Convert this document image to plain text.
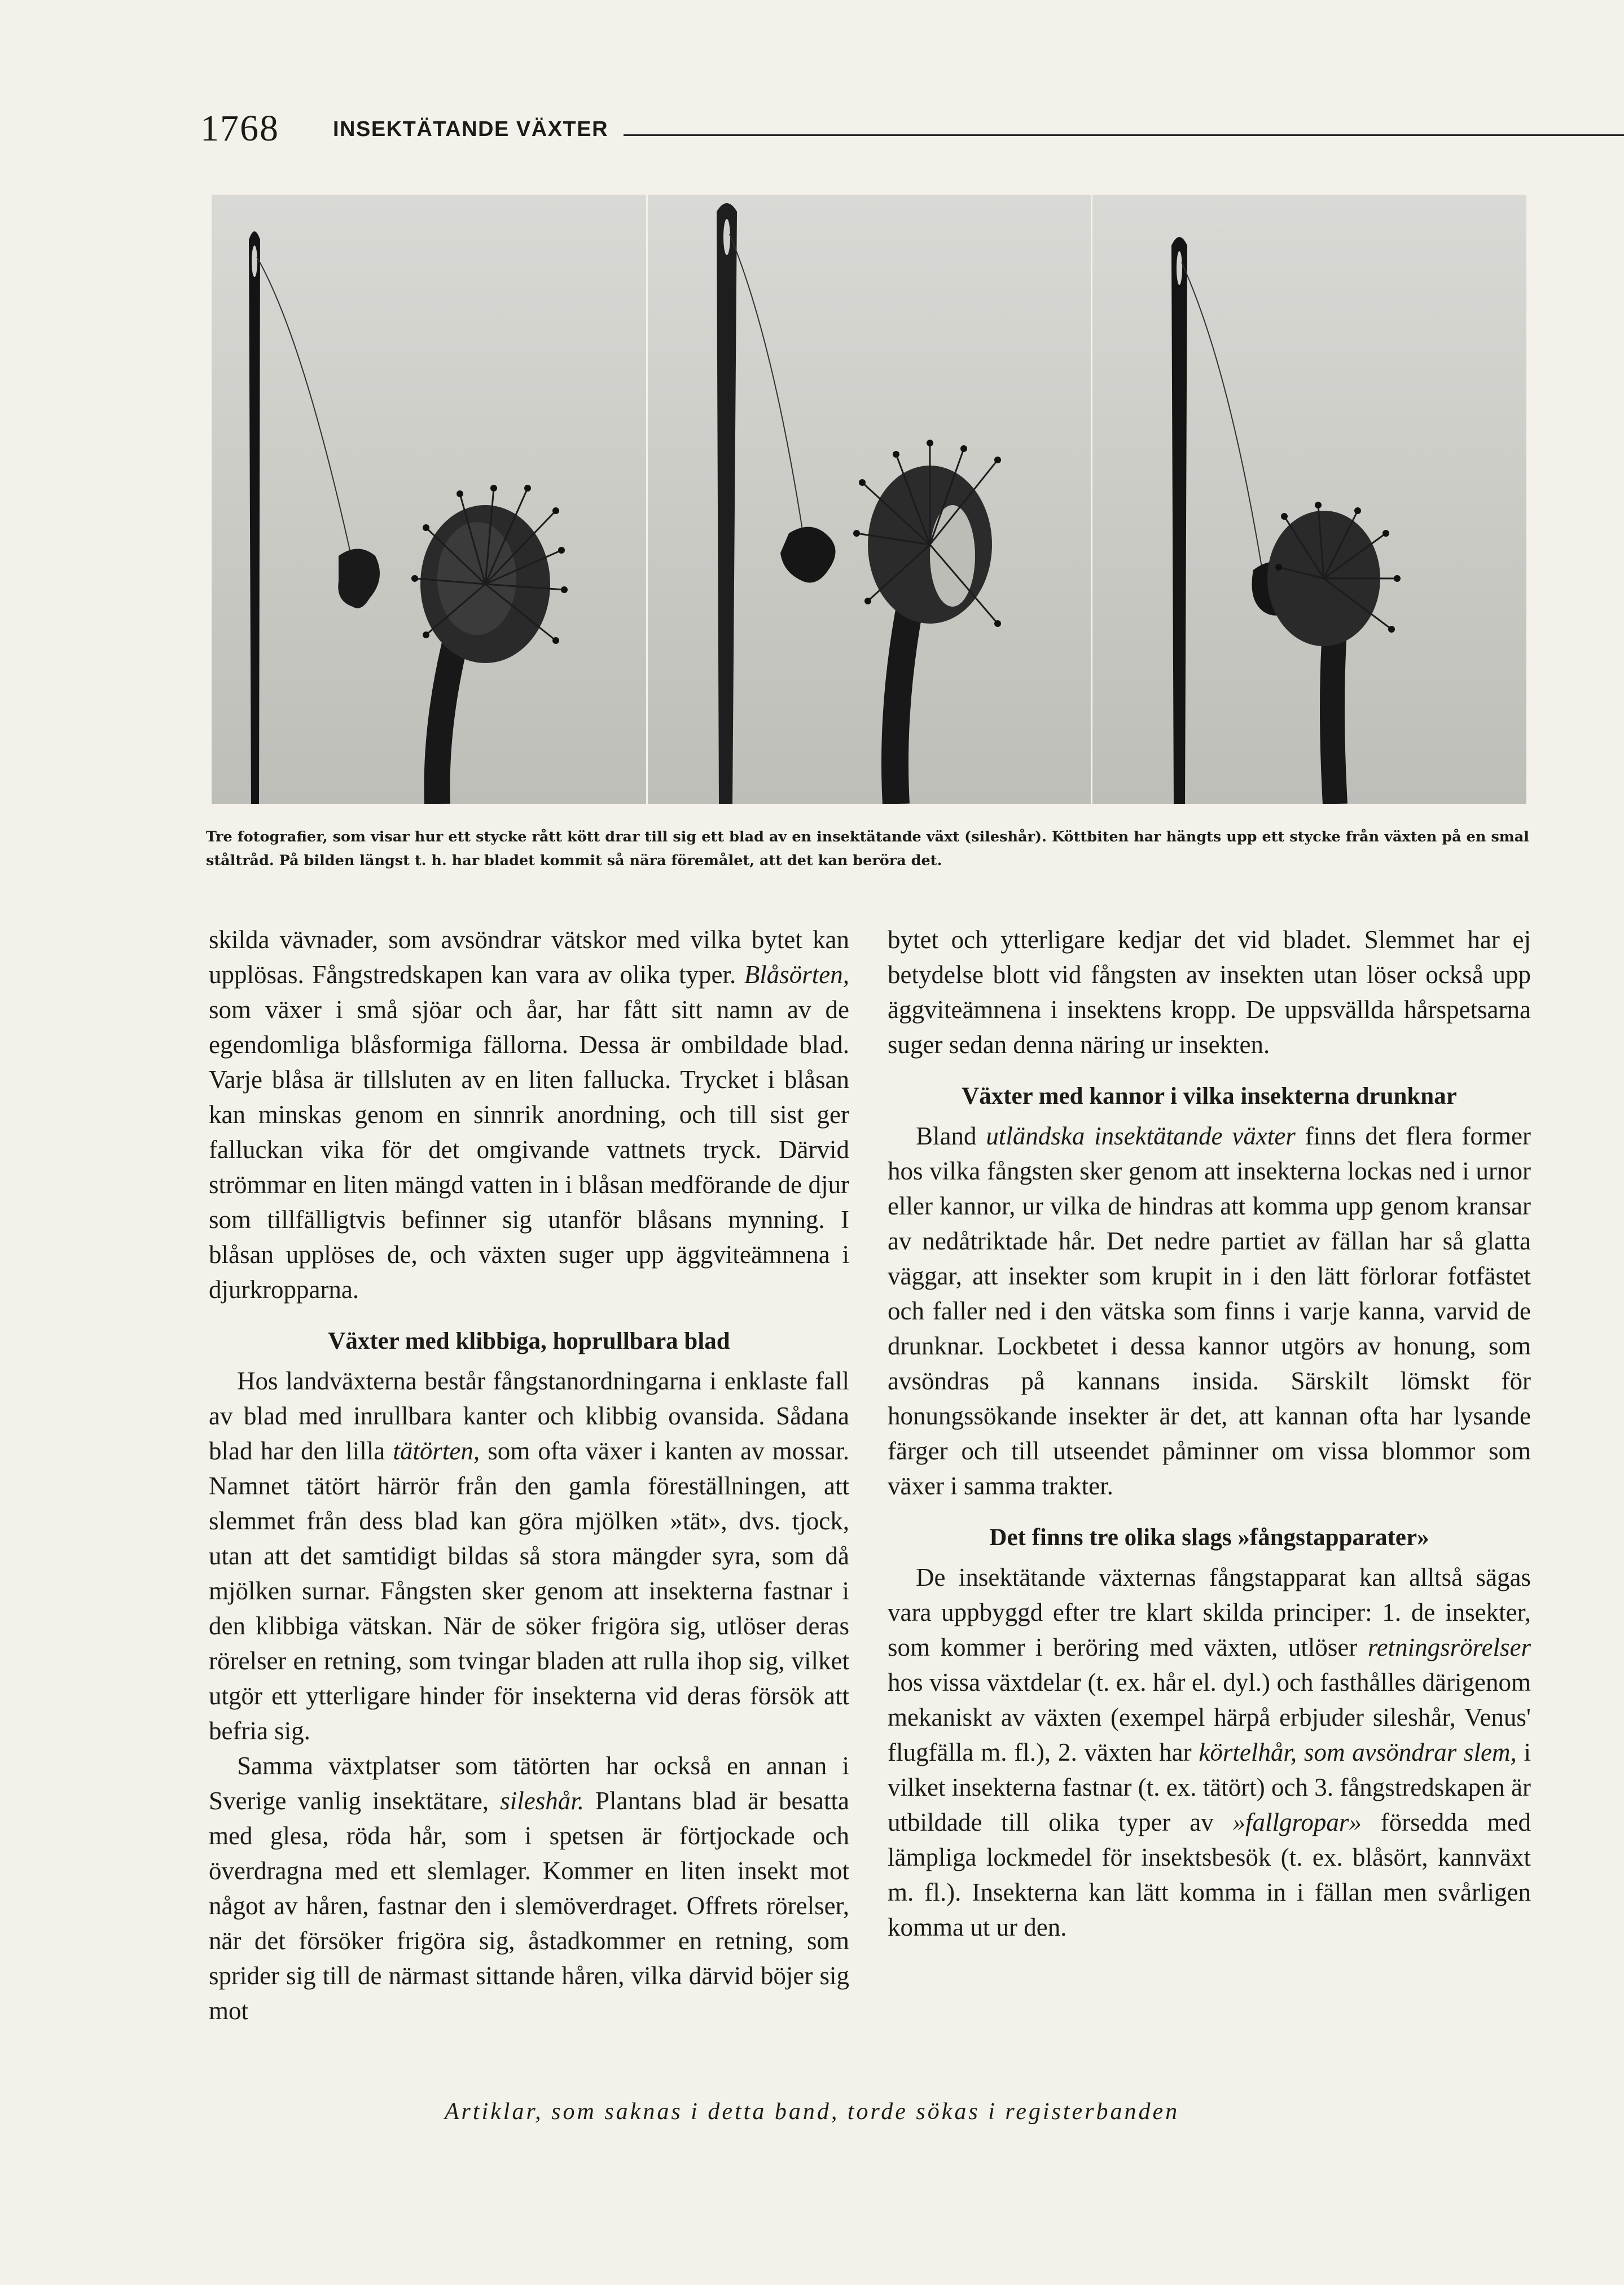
1768	INSEKTÄTANDE VÄXTER
Tre fotografier, som visar hur ett stycke rått kött drar till sig ett blad av en insektätande växt (sileshår). Köttbiten har hängts upp ett stycke från växten på en smal ståltråd. På bilden längst t. h. har bladet kommit så nära föremålet, att det kan beröra det.

skilda vävnader, som avsöndrar vätskor med vilka bytet kan upplösas. Fångstredskapen kan vara av olika typer. Blåsörten, som växer i små sjöar och åar, har fått sitt namn av de egendomliga blåsformiga fällorna. Dessa är ombildade blad. Varje blåsa är tillsluten av en liten fallucka. Trycket i blåsan kan minskas genom en sinnrik anordning, och till sist ger falluckan vika för det omgivande vattnets tryck. Därvid strömmar en liten mängd vatten in i blåsan medförande de djur som tillfälligtvis befinner sig utanför blåsans mynning. I blåsan upplöses de, och växten suger upp äggviteämnena i djurkropparna.

Växter med klibbiga, hoprullbara blad

Hos landväxterna består fångstanordningarna i enklaste fall av blad med inrullbara kanter och klibbig ovansida. Sådana blad har den lilla tätörten, som ofta växer i kanten av mossar. Namnet tätört härrör från den gamla föreställningen, att slemmet från dess blad kan göra mjölken »tät», dvs. tjock, utan att det samtidigt bildas så stora mängder syra, som då mjölken surnar. Fångsten sker genom att insekterna fastnar i den klibbiga vätskan. När de söker frigöra sig, utlöser deras rörelser en retning, som tvingar bladen att rulla ihop sig, vilket utgör ett ytterligare hinder för insekterna vid deras försök att befria sig.

Samma växtplatser som tätörten har också en annan i Sverige vanlig insektätare, sileshår. Plantans blad är besatta med glesa, röda hår, som i spetsen är förtjockade och överdragna med ett slemlager. Kommer en liten insekt mot något av håren, fastnar den i slemöverdraget. Offrets rörelser, när det försöker frigöra sig, åstadkommer en retning, som sprider sig till de närmast sittande håren, vilka därvid böjer sig mot

bytet och ytterligare kedjar det vid bladet. Slemmet har ej betydelse blott vid fångsten av insekten utan löser också upp äggviteämnena i insektens kropp. De uppsvällda hårspetsarna suger sedan denna näring ur insekten.

Växter med kannor i vilka insekterna drunknar

Bland utländska insektätande växter finns det flera former hos vilka fångsten sker genom att insekterna lockas ned i urnor eller kannor, ur vilka de hindras att komma upp genom kransar av nedåtriktade hår. Det nedre partiet av fällan har så glatta väggar, att insekter som krupit in i den lätt förlorar fotfästet och faller ned i den vätska som finns i varje kanna, varvid de drunknar. Lockbetet i dessa kannor utgörs av honung, som avsöndras på kannans insida. Särskilt lömskt för honungssökande insekter är det, att kannan ofta har lysande färger och till utseendet påminner om vissa blommor som växer i samma trakter.

Det finns tre olika slags »fångstapparater»

De insektätande växternas fångstapparat kan alltså sägas vara uppbyggd efter tre klart skilda principer: 1. de insekter, som kommer i beröring med växten, utlöser retningsrörelser hos vissa växtdelar (t. ex. hår el. dyl.) och fasthålles därigenom mekaniskt av växten (exempel härpå erbjuder sileshår, Venus' flugfälla m. fl.), 2. växten har körtelhår, som avsöndrar slem, i vilket insekterna fastnar (t. ex. tätört) och 3. fångstredskapen är utbildade till olika typer av »fallgropar» försedda med lämpliga lockmedel för insektsbesök (t. ex. blåsört, kannväxt m. fl.). Insekterna kan lätt komma in i fällan men svårligen komma ut ur den.

Artiklar, som saknas i detta band, torde sökas i registerbanden
